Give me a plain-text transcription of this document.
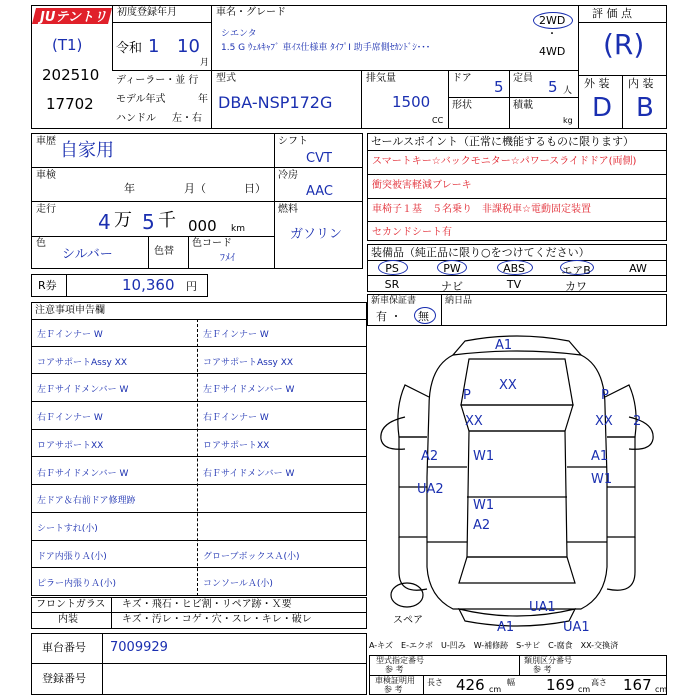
JUテントリ 初度登録年月
(T1)
202510
17702
令和 1 10
月
車名・グレード
シエンタ
1.5 G ｳｪﾙｷｬﾌﾞ 車ｲｽ仕様車 ﾀｲﾌﾟⅠ 助手席側ｾｶﾝﾄﾞｼ･･･
2WD
・
4WD
評 価 点
(R)
外 装 内 装
D B
ディーラー・並 行
モデル年式	年
ハンドル 左・右
型式
DBA-NSP172G
排気量
1500
CC
ドア 5 定員 5 人
形状	積載
kg
車歴 自家用
車検
年	月（	日）
走行
4 万 5 千 000 km
色
シルバー	色替
色コード
ﾌﾒｲ
シフト
CVT
冷房
AAC
燃料
ガソリン
R券	10,360 円
セールスポイント（正常に機能するものに限ります）
スマートキー☆バックモニター☆パワースライドドア(両側)
衝突被害軽減ブレーキ
車椅子１基　５名乗り　非課税車☆電動固定装置
セカンドシート有
装備品（純正品に限り○をつけてください）
PS	PW	ABS	エアB	AW
SR	ナビ	TV	カワ
新車保証書
有 ・ 無
納日品
注意事項申告欄
左Ｆインナー W	左Ｆインナー W
コアサポートAssy XX	コアサポートAssy XX
左Ｆサイドメンバー W	左Ｆサイドメンバー W
右Ｆインナー W	右Ｆインナー W
ロアサポートXX	ロアサポートXX
右Ｆサイドメンバー W	右Ｆサイドメンバー W
左ドア＆右前ドア修理跡
シートすれ(小)
ドア内張りＡ(小)	グローブボックスＡ(小)
ピラー内張りＡ(小)	コンソールＡ(小)
フロントガラス キズ・飛石・ヒビ割・リペア跡・Ｘ要
内装	キズ・汚レ・コゲ・穴・スレ・キレ・破レ
車台番号 7009929
登録番号
A-キズ　E-エクボ　U-凹み　W-補修跡　S-サビ　C-腐食　XX-交換済
型式指定番号
参 考
類別区分番号
参 考
車検証明用
参 考
長さ 426 cm
幅 169 cm
高さ 167 cm
A1
XX
P
XX
P
XX 2
A2	W1	A1
W1
UA2
W1
A2
UA1
A1	UA1
スペア
